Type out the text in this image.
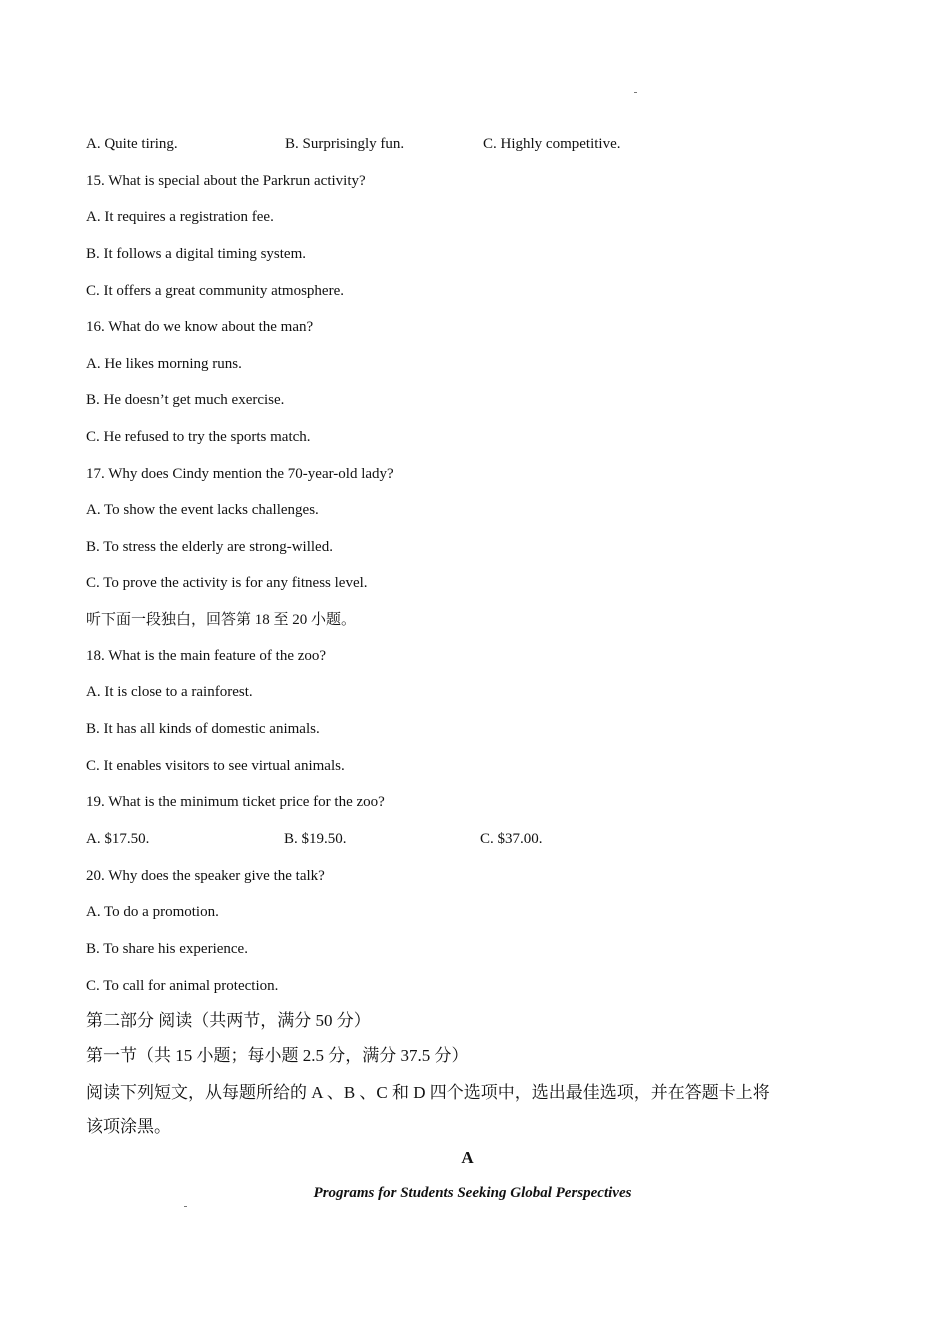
A. Quite tiring.	B. Surprisingly fun.	C. Highly competitive.
15. What is special about the Parkrun activity?
A. It requires a registration fee.
B. It follows a digital timing system.
C. It offers a great community atmosphere.
16. What do we know about the man?
A. He likes morning runs.
B. He doesn’t get much exercise.
C. He refused to try the sports match.
17. Why does Cindy mention the 70-year-old lady?
A. To show the event lacks challenges.
B. To stress the elderly are strong-willed.
C. To prove the activity is for any fitness level.
听下面一段独白，回答第 18 至 20 小题。
18. What is the main feature of the zoo?
A. It is close to a rainforest.
B. It has all kinds of domestic animals.
C. It enables visitors to see virtual animals.
19. What is the minimum ticket price for the zoo?
A. $17.50.	B. $19.50.	C. $37.00.
20. Why does the speaker give the talk?
A. To do a promotion.
B. To share his experience.
C. To call for animal protection.
第二部分 阅读（共两节，满分 50 分）
第一节（共 15 小题；每小题 2.5 分，满分 37.5 分）
阅读下列短文，从每题所给的 A 、B 、C 和 D 四个选项中，选出最佳选项，并在答题卡上将
该项涂黑。
A
Programs for Students Seeking Global Perspectives
